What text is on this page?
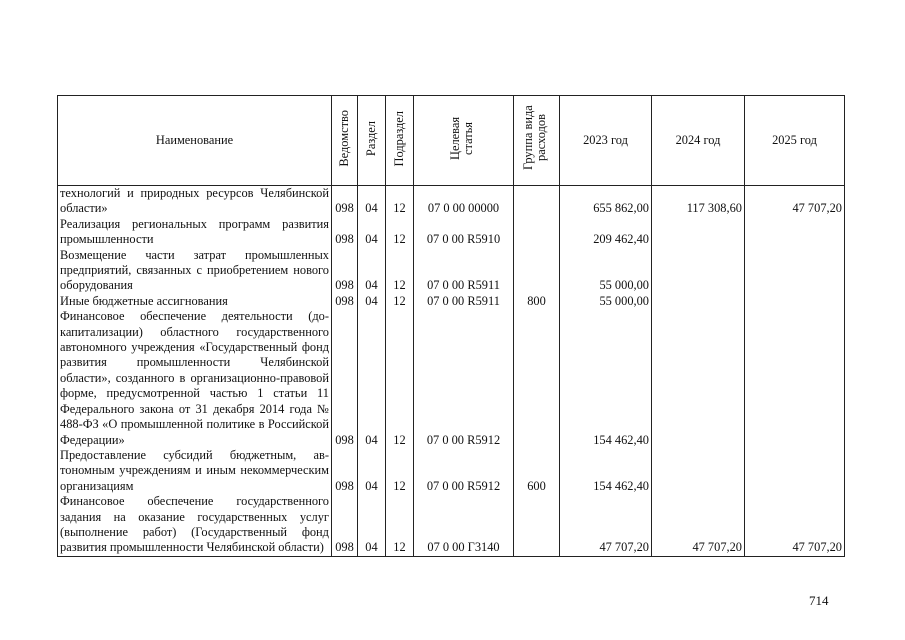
Наименование	Ведомство	Раздел	Подраздел	Целевая статья	Группа вида расходов	2023 год	2024 год	2025 год
технологий и природных ресурсов Челябинской области»	098	04	12	07 0 00 00000		655 862,00	117 308,60	47 707,20
Реализация региональных программ развития промышленности	098	04	12	07 0 00 R5910		209 462,40		
Возмещение части затрат промышленных предприятий, связанных с приобретением нового оборудования	098	04	12	07 0 00 R5911		55 000,00		
Иные бюджетные ассигнования	098	04	12	07 0 00 R5911	800	55 000,00		
Финансовое обеспечение деятельности (докапитализации) областного государственного автономного учреждения «Государственный фонд развития промышленности Челябинской области», созданного в организационно-правовой форме, предусмотренной частью 1 статьи 11 Федерального закона от 31 декабря 2014 года № 488-ФЗ «О промышленной политике в Российской Федерации»	098	04	12	07 0 00 R5912		154 462,40		
Предоставление субсидий бюджетным, автономным учреждениям и иным некоммерческим организациям	098	04	12	07 0 00 R5912	600	154 462,40		
Финансовое обеспечение государственного задания на оказание государственных услуг (выполнение работ) (Государственный фонд развития промышленности Челябинской области)	098	04	12	07 0 00 Г3140		47 707,20	47 707,20	47 707,20
714
